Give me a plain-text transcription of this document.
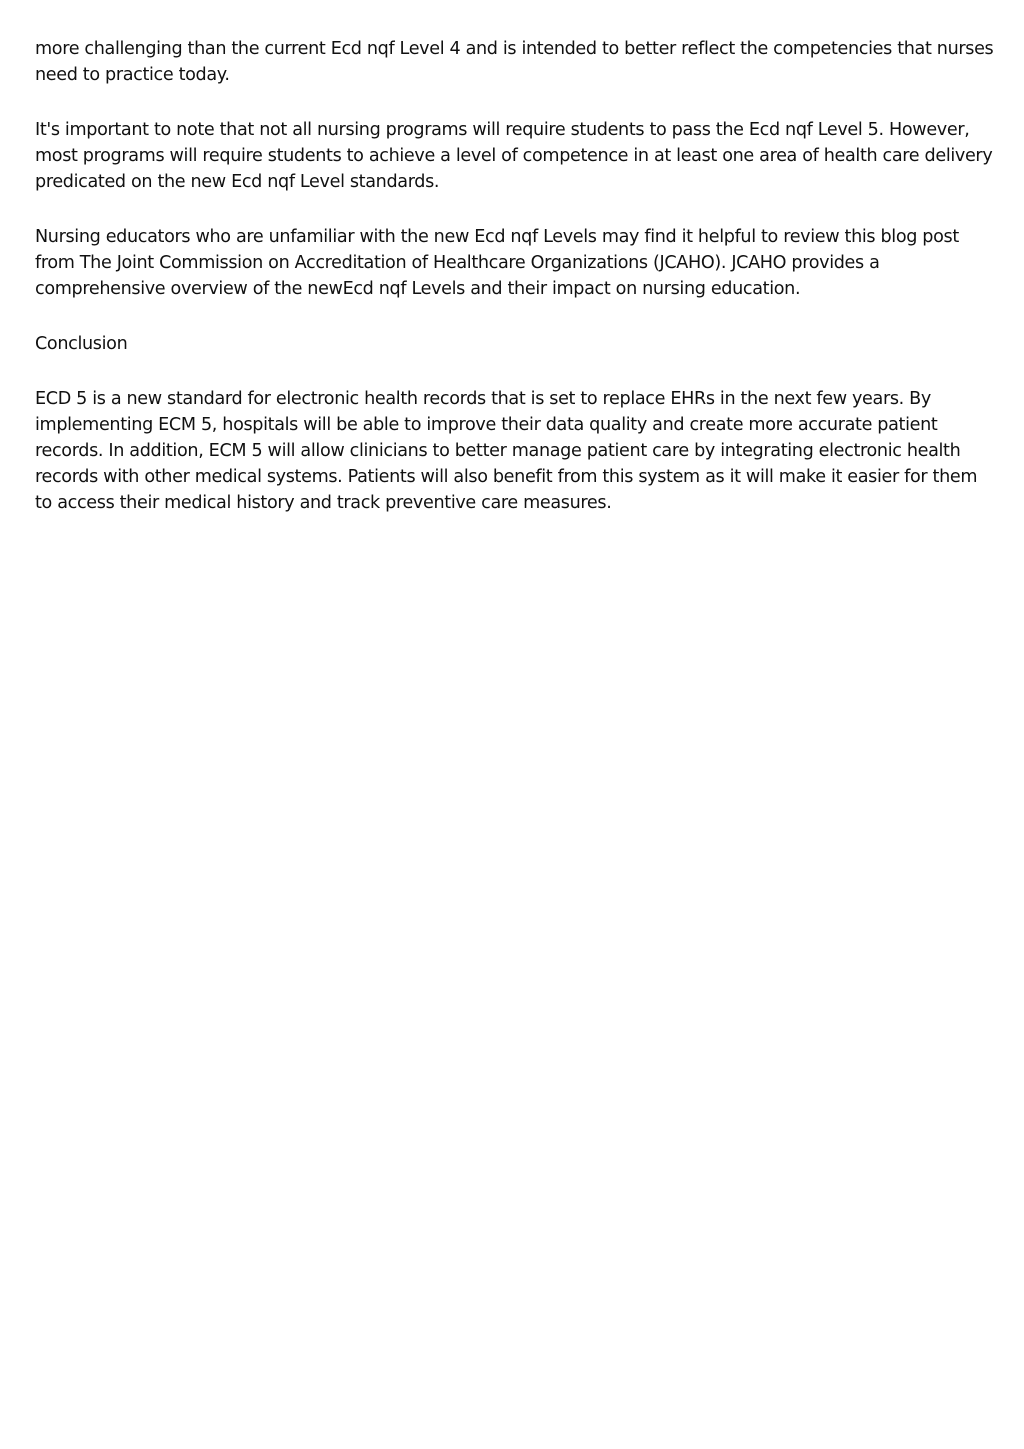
more challenging than the current Ecd nqf Level 4 and is intended to better reflect the competencies that nurses need to practice today.

It's important to note that not all nursing programs will require students to pass the Ecd nqf Level 5. However, most programs will require students to achieve a level of competence in at least one area of health care delivery predicated on the new Ecd nqf Level standards.

Nursing educators who are unfamiliar with the new Ecd nqf Levels may find it helpful to review this blog post from The Joint Commission on Accreditation of Healthcare Organizations (JCAHO). JCAHO provides a comprehensive overview of the newEcd nqf Levels and their impact on nursing education.

Conclusion

ECD 5 is a new standard for electronic health records that is set to replace EHRs in the next few years. By implementing ECM 5, hospitals will be able to improve their data quality and create more accurate patient records. In addition, ECM 5 will allow clinicians to better manage patient care by integrating electronic health records with other medical systems. Patients will also benefit from this system as it will make it easier for them to access their medical history and track preventive care measures.
